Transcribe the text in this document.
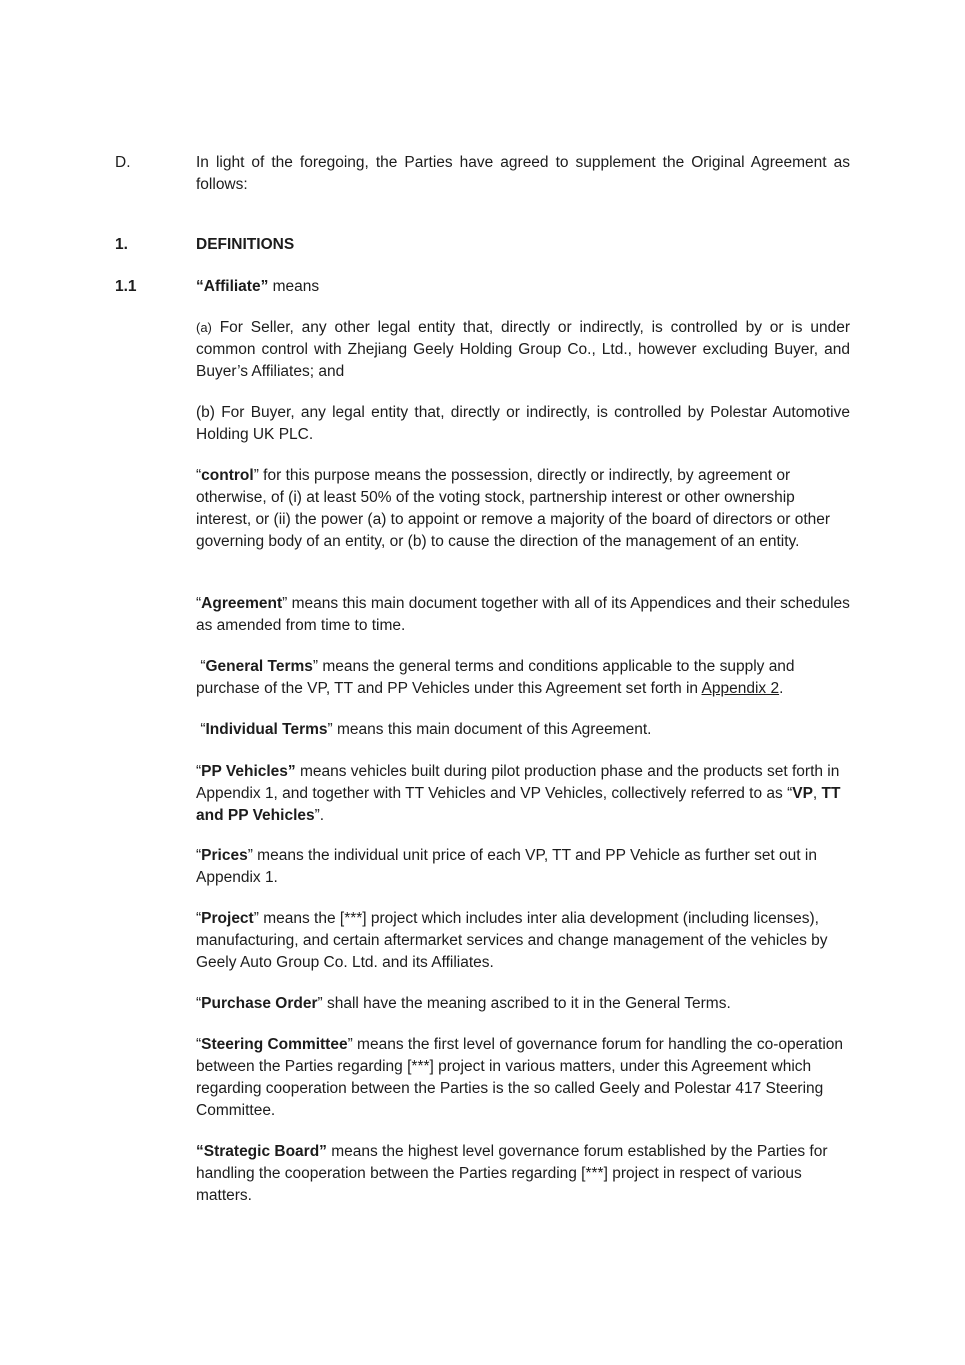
D.	In light of the foregoing, the Parties have agreed to supplement the Original Agreement as follows:
1.	DEFINITIONS
1.1	“Affiliate” means
(a) For Seller, any other legal entity that, directly or indirectly, is controlled by or is under common control with Zhejiang Geely Holding Group Co., Ltd., however excluding Buyer, and Buyer’s Affiliates; and
(b) For Buyer, any legal entity that, directly or indirectly, is controlled by Polestar Automotive Holding UK PLC.
“control” for this purpose means the possession, directly or indirectly, by agreement or otherwise, of (i) at least 50% of the voting stock, partnership interest or other ownership interest, or (ii) the power (a) to appoint or remove a majority of the board of directors or other governing body of an entity, or (b) to cause the direction of the management of an entity.
“Agreement” means this main document together with all of its Appendices and their schedules as amended from time to time.
“General Terms” means the general terms and conditions applicable to the supply and purchase of the VP, TT and PP Vehicles under this Agreement set forth in Appendix 2.
“Individual Terms” means this main document of this Agreement.
“PP Vehicles” means vehicles built during pilot production phase and the products set forth in Appendix 1, and together with TT Vehicles and VP Vehicles, collectively referred to as “VP, TT and PP Vehicles”.
“Prices” means the individual unit price of each VP, TT and PP Vehicle as further set out in Appendix 1.
“Project” means the [***] project which includes inter alia development (including licenses), manufacturing, and certain aftermarket services and change management of the vehicles by Geely Auto Group Co. Ltd. and its Affiliates.
“Purchase Order” shall have the meaning ascribed to it in the General Terms.
“Steering Committee” means the first level of governance forum for handling the co-operation between the Parties regarding [***] project in various matters, under this Agreement which regarding cooperation between the Parties is the so called Geely and Polestar 417 Steering Committee.
“Strategic Board” means the highest level governance forum established by the Parties for handling the cooperation between the Parties regarding [***] project in respect of various matters.
